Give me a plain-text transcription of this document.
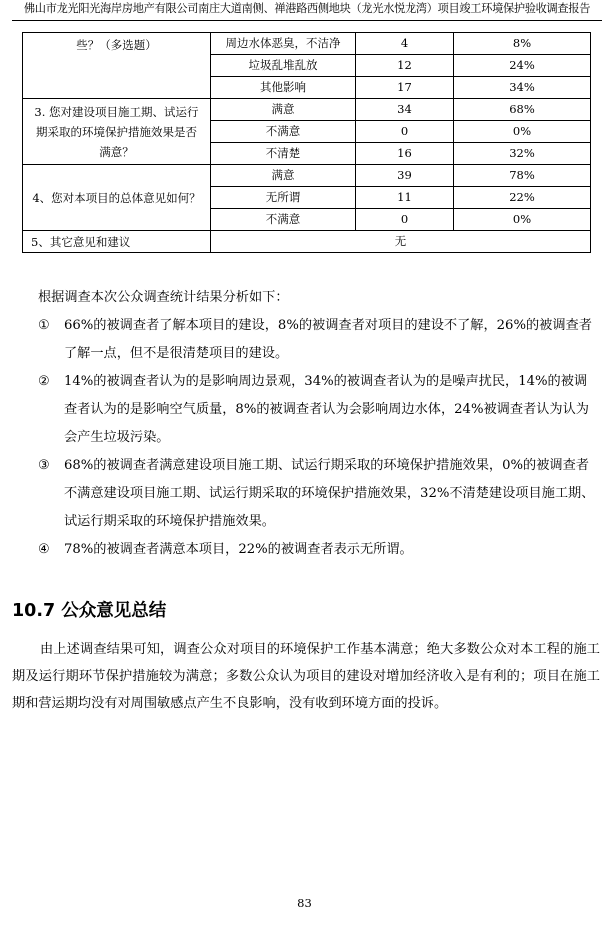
佛山市龙光阳光海岸房地产有限公司南庄大道南侧、禅港路西侧地块（龙光水悦龙湾）项目竣工环境保护验收调查报告
些？（多选题）	周边水体恶臭，不洁净	4	8%
	垃圾乱堆乱放	12	24%
	其他影响	17	34%
3. 您对建设项目施工期、试运行期采取的环境保护措施效果是否满意？	满意	34	68%
	不满意	0	0%
	不清楚	16	32%
4、您对本项目的总体意见如何？	满意	39	78%
	无所谓	11	22%
	不满意	0	0%
5、其它意见和建议	无		
根据调查本次公众调查统计结果分析如下：
①	66%的被调查者了解本项目的建设，8%的被调查者对项目的建设不了解，26%的被调查者了解一点，但不是很清楚项目的建设。
②	14%的被调查者认为的是影响周边景观，34%的被调查者认为的是噪声扰民，14%的被调查者认为的是影响空气质量，8%的被调查者认为会影响周边水体，24%被调查者认为认为会产生垃圾污染。
③	68%的被调查者满意建设项目施工期、试运行期采取的环境保护措施效果，0%的被调查者不满意建设项目施工期、试运行期采取的环境保护措施效果，32%不清楚建设项目施工期、试运行期采取的环境保护措施效果。
④	78%的被调查者满意本项目，22%的被调查者表示无所谓。
10.7 公众意见总结
由上述调查结果可知，调查公众对项目的环境保护工作基本满意；绝大多数公众对本工程的施工期及运行期环节保护措施较为满意；多数公众认为项目的建设对增加经济收入是有利的；项目在施工期和营运期均没有对周围敏感点产生不良影响，没有收到环境方面的投诉。
83
